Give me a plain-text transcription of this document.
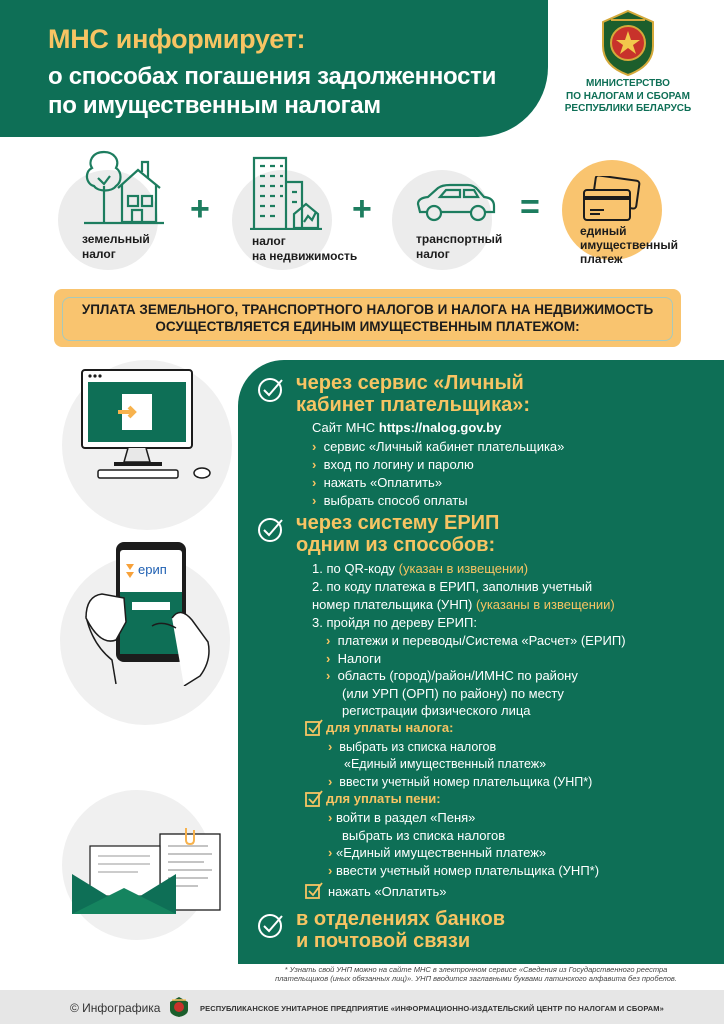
МНС информирует:
о способах погашения задолженности
по имущественным налогам
МИНИСТЕРСТВО
ПО НАЛОГАМ И СБОРАМ
РЕСПУБЛИКИ БЕЛАРУСЬ
земельный
налог
+
налог
на недвижимость
+
транспортный
налог
=
единый
имущественный
платеж
УПЛАТА ЗЕМЕЛЬНОГО, ТРАНСПОРТНОГО НАЛОГОВ И НАЛОГА НА НЕДВИЖИМОСТЬ
ОСУЩЕСТВЛЯЕТСЯ ЕДИНЫМ ИМУЩЕСТВЕННЫМ ПЛАТЕЖОМ:
ерип
через сервис «Личный
кабинет плательщика»:
Сайт МНС https://nalog.gov.by
› сервис «Личный кабинет плательщика»
› вход по логину и паролю
› нажать «Оплатить»
› выбрать способ оплаты
через систему ЕРИП
одним из способов:
1. по QR-коду (указан в извещении)
2. по коду платежа в ЕРИП, заполнив учетный
номер плательщика (УНП) (указаны в извещении)
3. пройдя по дереву ЕРИП:
› платежи и переводы/Система «Расчет» (ЕРИП)
› Налоги
› область (город)/район/ИМНС по району
(или УРП (ОРП) по району) по месту
регистрации физического лица
для уплаты налога:
› выбрать из списка налогов
«Единый имущественный платеж»
› ввести учетный номер плательщика (УНП*)
для уплаты пени:
› войти в раздел «Пеня»
выбрать из списка налогов
› «Единый имущественный платеж»
› ввести учетный номер плательщика (УНП*)
нажать «Оплатить»
в отделениях банков
и почтовой связи
* Узнать свой УНП можно на сайте МНС в электронном сервисе «Сведения из Государственного реестра
плательщиков (иных обязанных лиц)». УНП вводится заглавными буквами латинского алфавита без пробелов.
© Инфографика	РЕСПУБЛИКАНСКОЕ УНИТАРНОЕ ПРЕДПРИЯТИЕ «ИНФОРМАЦИОННО-ИЗДАТЕЛЬСКИЙ ЦЕНТР ПО НАЛОГАМ И СБОРАМ»
